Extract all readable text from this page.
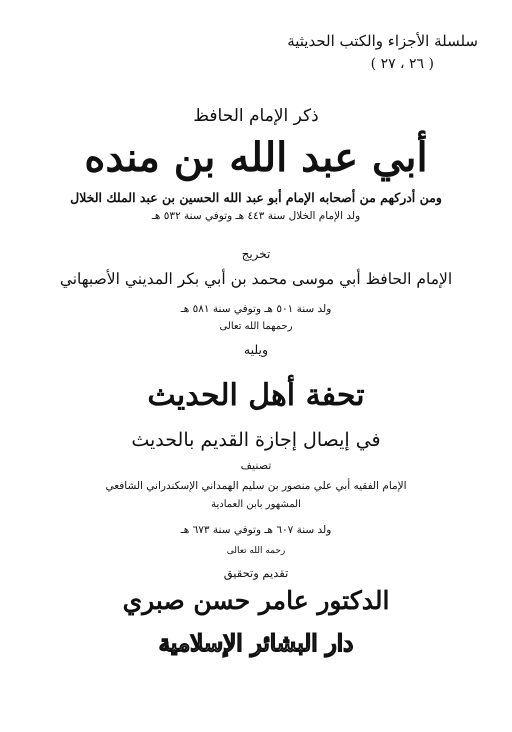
سلسلة الأجزاء والكتب الحديثية
( ٢٦ ، ٢٧ )
ذكر الإمام الحافظ
أبي عبد الله بن منده
ومن أدركهم من أصحابه الإمام أبو عبد الله الحسين بن عبد الملك الخلال
ولد الإمام الخلال سنة ٤٤٣ هـ وتوفي سنة ٥٣٢ هـ
تخريج
الإمام الحافظ أبي موسى محمد بن أبي بكر المديني الأصبهاني
ولد سنة ٥٠١ هـ وتوفي سنة ٥٨١ هـ
رحمهما الله تعالى
ويليه
تحفة أهل الحديث
في إيصال إجازة القديم بالحديث
تصنيف
الإمام الفقيه أبي علي منصور بن سليم الهمداني الإسكندراني الشافعي
المشهور بابن العمادية
ولد سنة ٦٠٧ هـ وتوفي سنة ٦٧٣ هـ
رحمه الله تعالى
تقديم وتحقيق
الدكتور عامر حسن صبري
دار البشائر الإسلامية
